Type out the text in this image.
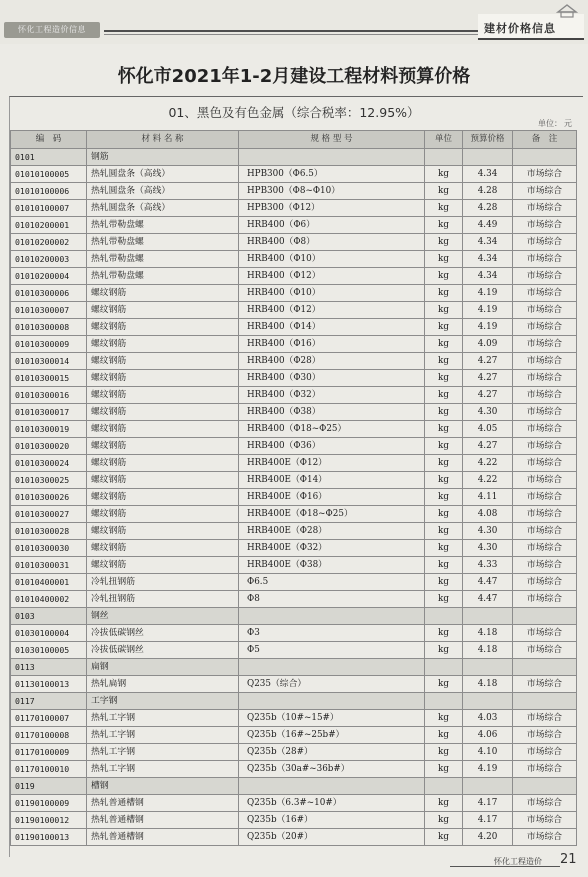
怀化工程造价信息	建材价格信息
怀化市2021年1-2月建设工程材料预算价格
01、黑色及有色金属（综合税率：12.95%）
单位： 元
编　码	材 料 名 称	规 格 型 号	单位	预算价格	备　注
0101	钢筋				
01010100005	热轧圆盘条（高线）	HPB300（Φ6.5）	kg	4.34	市场综合
01010100006	热轧圆盘条（高线）	HPB300（Φ8~Φ10）	kg	4.28	市场综合
01010100007	热轧圆盘条（高线）	HPB300（Φ12）	kg	4.28	市场综合
01010200001	热轧带勒盘螺	HRB400（Φ6）	kg	4.49	市场综合
01010200002	热轧带勒盘螺	HRB400（Φ8）	kg	4.34	市场综合
01010200003	热轧带勒盘螺	HRB400（Φ10）	kg	4.34	市场综合
01010200004	热轧带勒盘螺	HRB400（Φ12）	kg	4.34	市场综合
01010300006	螺纹钢筋	HRB400（Φ10）	kg	4.19	市场综合
01010300007	螺纹钢筋	HRB400（Φ12）	kg	4.19	市场综合
01010300008	螺纹钢筋	HRB400（Φ14）	kg	4.19	市场综合
01010300009	螺纹钢筋	HRB400（Φ16）	kg	4.09	市场综合
01010300014	螺纹钢筋	HRB400（Φ28）	kg	4.27	市场综合
01010300015	螺纹钢筋	HRB400（Φ30）	kg	4.27	市场综合
01010300016	螺纹钢筋	HRB400（Φ32）	kg	4.27	市场综合
01010300017	螺纹钢筋	HRB400（Φ38）	kg	4.30	市场综合
01010300019	螺纹钢筋	HRB400（Φ18~Φ25）	kg	4.05	市场综合
01010300020	螺纹钢筋	HRB400（Φ36）	kg	4.27	市场综合
01010300024	螺纹钢筋	HRB400E（Φ12）	kg	4.22	市场综合
01010300025	螺纹钢筋	HRB400E（Φ14）	kg	4.22	市场综合
01010300026	螺纹钢筋	HRB400E（Φ16）	kg	4.11	市场综合
01010300027	螺纹钢筋	HRB400E（Φ18~Φ25）	kg	4.08	市场综合
01010300028	螺纹钢筋	HRB400E（Φ28）	kg	4.30	市场综合
01010300030	螺纹钢筋	HRB400E（Φ32）	kg	4.30	市场综合
01010300031	螺纹钢筋	HRB400E（Φ38）	kg	4.33	市场综合
01010400001	冷轧扭钢筋	Φ6.5	kg	4.47	市场综合
01010400002	冷轧扭钢筋	Φ8	kg	4.47	市场综合
0103	钢丝				
01030100004	冷拔低碳钢丝	Φ3	kg	4.18	市场综合
01030100005	冷拔低碳钢丝	Φ5	kg	4.18	市场综合
0113	扁钢				
01130100013	热轧扁钢	Q235（综合）	kg	4.18	市场综合
0117	工字钢				
01170100007	热轧工字钢	Q235b（10#~15#）	kg	4.03	市场综合
01170100008	热轧工字钢	Q235b（16#~25b#）	kg	4.06	市场综合
01170100009	热轧工字钢	Q235b（28#）	kg	4.10	市场综合
01170100010	热轧工字钢	Q235b（30a#~36b#）	kg	4.19	市场综合
0119	槽钢				
01190100009	热轧普通槽钢	Q235b（6.3#~10#）	kg	4.17	市场综合
01190100012	热轧普通槽钢	Q235b（16#）	kg	4.17	市场综合
01190100013	热轧普通槽钢	Q235b（20#）	kg	4.20	市场综合
怀化工程造价 21
